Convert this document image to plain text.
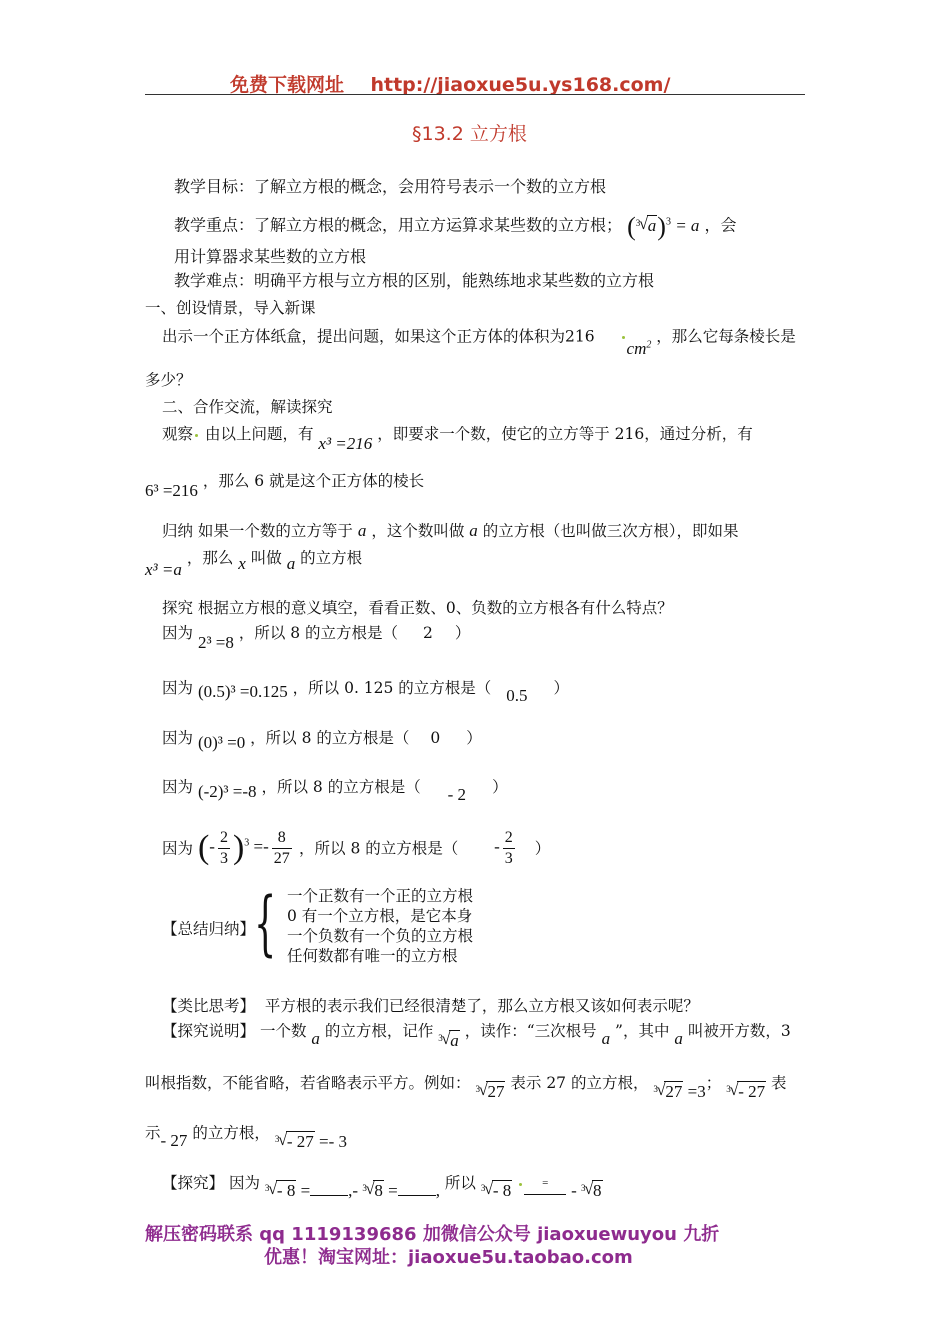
免费下载网址 http://jiaoxue5u.ys168.com/
§13.2 立方根
教学目标：了解立方根的概念，会用符号表示一个数的立方根
教学重点：了解立方根的概念，用立方运算求某些数的立方根； ( √ 3 a)$^3$ = a ，会
用计算器求某些数的立方根
教学难点：明确平方根与立方根的区别，能熟练地求某些数的立方根
一、创设情景，导入新课
出示一个正方体纸盒，提出问题，如果这个正方体的体积为216 $cm^2$ ，那么它每条棱长是
多少？
二、合作交流，解读探究
观察 由以上问题，有 x³ =216 ，即要求一个数，使它的立方等于 216，通过分析，有
6³ =216 ，那么 6 就是这个正方体的棱长
归纳 如果一个数的立方等于 a ，这个数叫做 a 的立方根（也叫做三次方根），即如果
x³ =a ，那么 x 叫做 a 的立方根
探究 根据立方根的意义填空，看看正数、0、负数的立方根各有什么特点？
因为 2³ =8 ，所以 8 的立方根是（ 2 ）
因为 (0.5)³ =0.125 ，所以 0. 125 的立方根是（ 0.5 ）
因为 (0)³ =0 ，所以 8 的立方根是（ 0 ）
因为 (-2)³ =-8 ，所以 8 的立方根是（ - 2 ）
因为 (- $\frac{2}{3} )^3 =- \frac{8}{27}$ ，所以 8 的立方根是（ - $\frac{2}{3}$ ）
【总结归纳】
{ 一个正数有一个正的立方根
0 有一个立方根，是它本身
一个负数有一个负的立方根
任何数都有唯一的立方根
【类比思考】 平方根的表示我们已经很清楚了，那么立方根又该如何表示呢？
【探究说明】 一个数 a 的立方根，记作 √ 3 a ，读作：“三次根号 a ”，其中 a 叫被开方数，3
叫根指数，不能省略，若省略表示平方。例如： √ 3 27 表示 27 的立方根， √ 3 27 =3； √ 3 - 27 表
示- 27 的立方根， √ 3 - 27 =- 3
【探究】 因为 √ 3 - 8 = ,- √ 3 8 = , 所以 √ 3 - 8	= - √ 3 8
解压密码联系 qq 1119139686 加微信公众号 jiaoxuewuyou 九折
优惠！淘宝网址：jiaoxue5u.taobao.com
